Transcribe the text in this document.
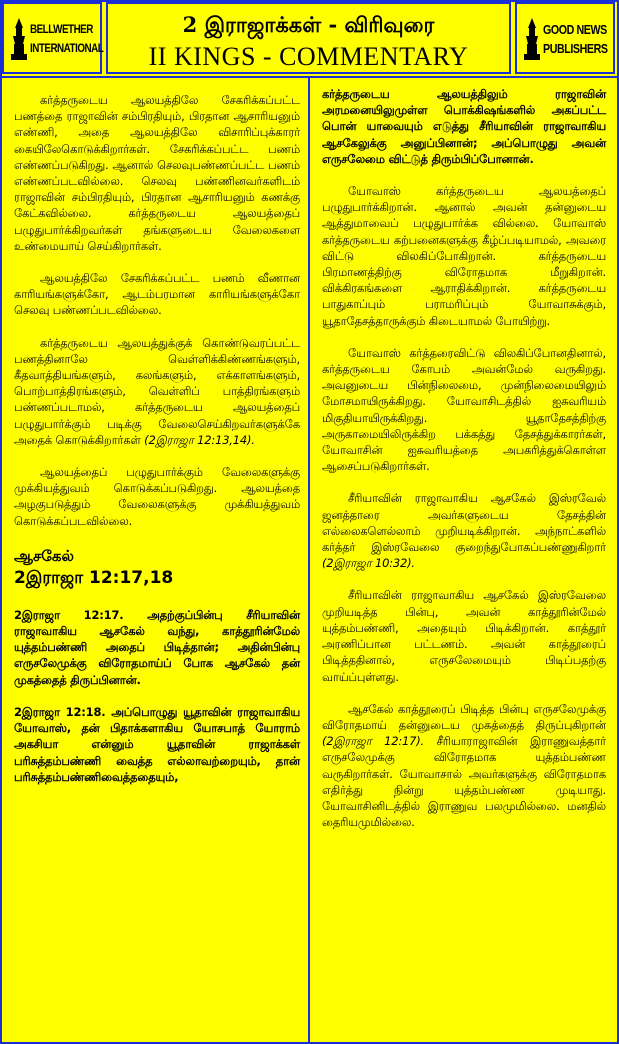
BELLWETHER
INTERNATIONAL
2 இராஜாக்கள் - விரிவுரை
II KINGS - COMMENTARY
GOOD NEWS
PUBLISHERS

கர்த்தருடைய ஆலயத்திலே சேகரிக்கப்பட்ட பணத்தை ராஜாவின் சம்பிரதியும், பிரதான ஆசாரியனும் எண்ணி, அதை ஆலயத்திலே விசாரிப்புக்காரர் கையிலேகொடுக்கிறார்கள். சேகரிக்கப்பட்ட பணம் எண்ணப்படுகிறது. ஆனால் செலவுபண்ணப்பட்ட பணம் எண்ணப்படவில்லை. செலவு பண்ணினவர்களிடம் ராஜாவின் சம்பிரதியும், பிரதான ஆசாரியனும் கணக்கு கேட்கவில்லை. கர்த்தருடைய ஆலயத்தைப் பழுதுபார்க்கிறவர்கள் தங்களுடைய வேலைகளை உண்மையாய் செய்கிறார்கள்.

ஆலயத்திலே சேகரிக்கப்பட்ட பணம் வீணான காரியங்களுக்கோ, ஆடம்பரமான காரியங்களுக்கோ செலவு பண்ணப்படவில்லை.

கர்த்தருடைய ஆலயத்துக்குக் கொண்டுவரப்பட்ட பணத்தினாலே வெள்ளிக்கிண்ணங்களும், கீதவாத்தியங்களும், கலங்களும், எக்காளங்களும், பொற்பாத்திரங்களும், வெள்ளிப் பாத்திரங்களும் பண்ணப்படாமல், கர்த்தருடைய ஆலயத்தைப் பழுதுபார்க்கும் படிக்கு வேலைசெய்கிறவர்களுக்கே அதைக் கொடுக்கிறார்கள் (2இராஜா 12:13,14).

ஆலயத்தைப் பழுதுபார்க்கும் வேலைகளுக்கு முக்கியத்துவம் கொடுக்கப்படுகிறது. ஆலயத்தை அழகுபடுத்தும் வேலைகளுக்கு முக்கியத்துவம் கொடுக்கப்படவில்லை.

ஆசகேல்
2இராஜா 12:17,18

2இராஜா 12:17. அதற்குப்பின்பு சீரியாவின் ராஜாவாகிய ஆசகேல் வந்து, காத்தூரின்மேல் யுத்தம்பண்ணி அதைப் பிடித்தான்; அதின்பின்பு எருசலேமுக்கு விரோதமாய்ப் போக ஆசகேல் தன் முகத்தைத் திருப்பினான்.

2இராஜா 12:18. அப்பொழுது யூதாவின் ராஜாவாகிய யோவாஸ், தன் பிதாக்களாகிய யோசபாத் யோராம் அகசியா என்னும் யூதாவின் ராஜாக்கள் பரிசுத்தம்பண்ணி வைத்த எல்லாவற்றையும், தான் பரிசுத்தம்பண்ணிவைத்ததையும்,

கர்த்தருடைய ஆலயத்திலும் ராஜாவின் அரமனையிலுமுள்ள பொக்கிஷங்களில் அகப்பட்ட பொன் யாவையும் எடுத்து சீரியாவின் ராஜாவாகிய ஆசகேலுக்கு அனுப்பினான்; அப்பொழுது அவன் எருசலேமை விட்டுத் திரும்பிப்போனான்.

யோவாஸ் கர்த்தருடைய ஆலயத்தைப் பழுதுபார்க்கிறான். ஆனால் அவன் தன்னுடைய ஆத்துமாவைப் பழுதுபார்க்க வில்லை. யோவாஸ் கர்த்தருடைய கற்பனைகளுக்கு கீழ்ப்படியாமல், அவரை விட்டு விலகிப்போகிறான். கர்த்தருடைய பிரமாணத்திற்கு விரோதமாக மீறுகிறான். விக்கிரகங்களை ஆராதிக்கிறான். கர்த்தருடைய பாதுகாப்பும் பராமரிப்பும் யோவாசுக்கும், யூதாதேசத்தாருக்கும் கிடையாமல் போயிற்று.

யோவாஸ் கர்த்தரைவிட்டு விலகிப்போனதினால், கர்த்தருடைய கோபம் அவன்மேல் வருகிறது. அவனுடைய பின்நிலைமை, முன்நிலைமையிலும் மோசமாயிருக்கிறது. யோவாசிடத்தில் ஐசுவரியம் மிகுதியாயிருக்கிறது. யூதாதேசத்திற்கு அருகாமையிலிருக்கிற பக்கத்து தேசத்துக்காரர்கள், யோவாசின் ஐசுவரியத்தை அபகரித்துக்கொள்ள ஆசைப்படுகிறார்கள்.

சீரியாவின் ராஜாவாகிய ஆசகேல் இஸ்ரவேல் ஜனத்தாரை அவர்களுடைய தேசத்தின் எல்லைகளெல்லாம் முறியடிக்கிறான். அந்நாட்களில் கர்த்தர் இஸ்ரவேலை குறைந்துபோகப்பண்ணுகிறார் (2இராஜா 10:32).

சீரியாவின் ராஜாவாகிய ஆசகேல் இஸ்ரவேலை முறியடித்த பின்பு, அவன் காத்தூரின்மேல் யுத்தம்பண்ணி, அதையும் பிடிக்கிறான். காத்தூர் அரணிப்பான பட்டணம். அவன் காத்தூரைப் பிடித்ததினால், எருசலேமையும் பிடிப்பதற்கு வாய்ப்புள்ளது.

ஆசகேல் காத்தூரைப் பிடித்த பின்பு எருசலேமுக்கு விரோதமாய் தன்னுடைய முகத்தைத் திருப்புகிறான் (2இராஜா 12:17). சீரியாராஜாவின் இராணுவத்தார் எருசலேமுக்கு விரோதமாக யுத்தம்பண்ண வருகிறார்கள். யோவாசால் அவர்களுக்கு விரோதமாக எதிர்த்து நின்று யுத்தம்பண்ண முடியாது. யோவாசினிடத்தில் இராணுவ பலமுமில்லை. மனதில் தைரியமுமில்லை.
